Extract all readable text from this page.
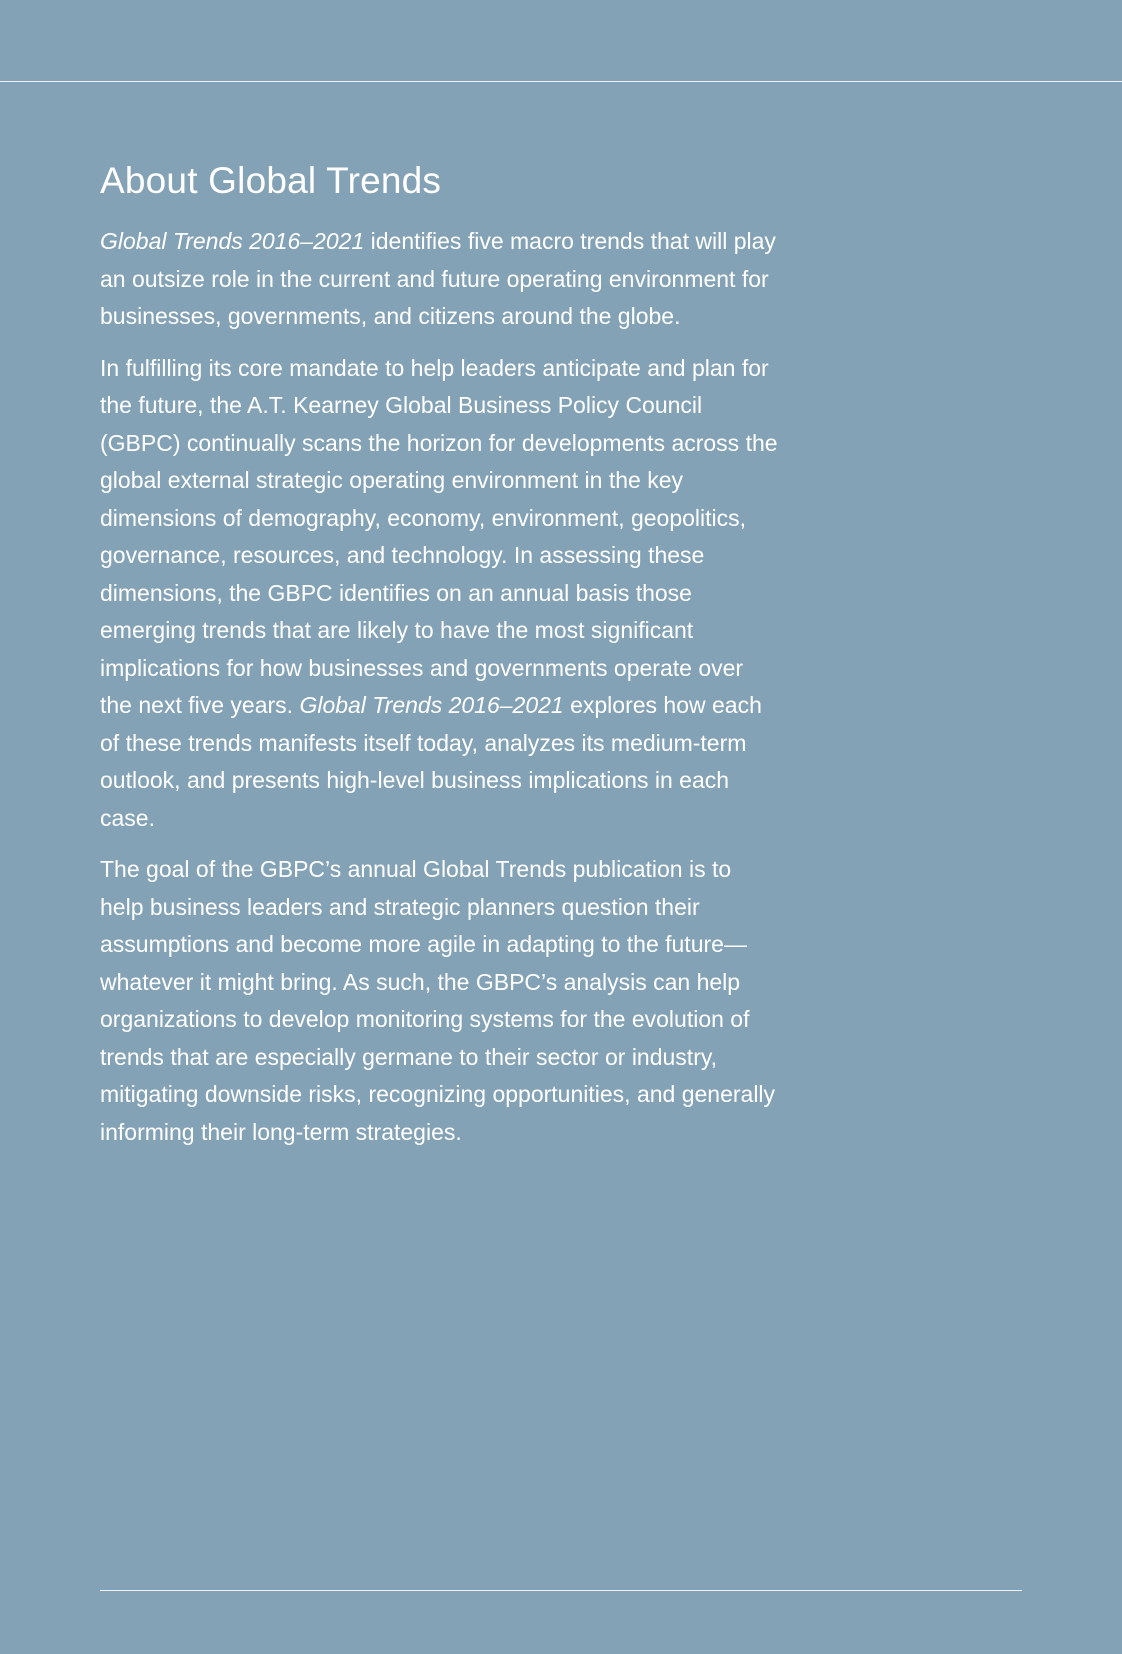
About Global Trends

Global Trends 2016–2021 identifies five macro trends that will play an outsize role in the current and future operating environment for businesses, governments, and citizens around the globe.

In fulfilling its core mandate to help leaders anticipate and plan for the future, the A.T. Kearney Global Business Policy Council (GBPC) continually scans the horizon for developments across the global external strategic operating environment in the key dimensions of demography, economy, environment, geopolitics, governance, resources, and technology. In assessing these dimensions, the GBPC identifies on an annual basis those emerging trends that are likely to have the most significant implications for how businesses and governments operate over the next five years. Global Trends 2016–2021 explores how each of these trends manifests itself today, analyzes its medium-term outlook, and presents high-level business implications in each case.

The goal of the GBPC’s annual Global Trends publication is to help business leaders and strategic planners question their assumptions and become more agile in adapting to the future—whatever it might bring. As such, the GBPC’s analysis can help organizations to develop monitoring systems for the evolution of trends that are especially germane to their sector or industry, mitigating downside risks, recognizing opportunities, and generally informing their long-term strategies.
